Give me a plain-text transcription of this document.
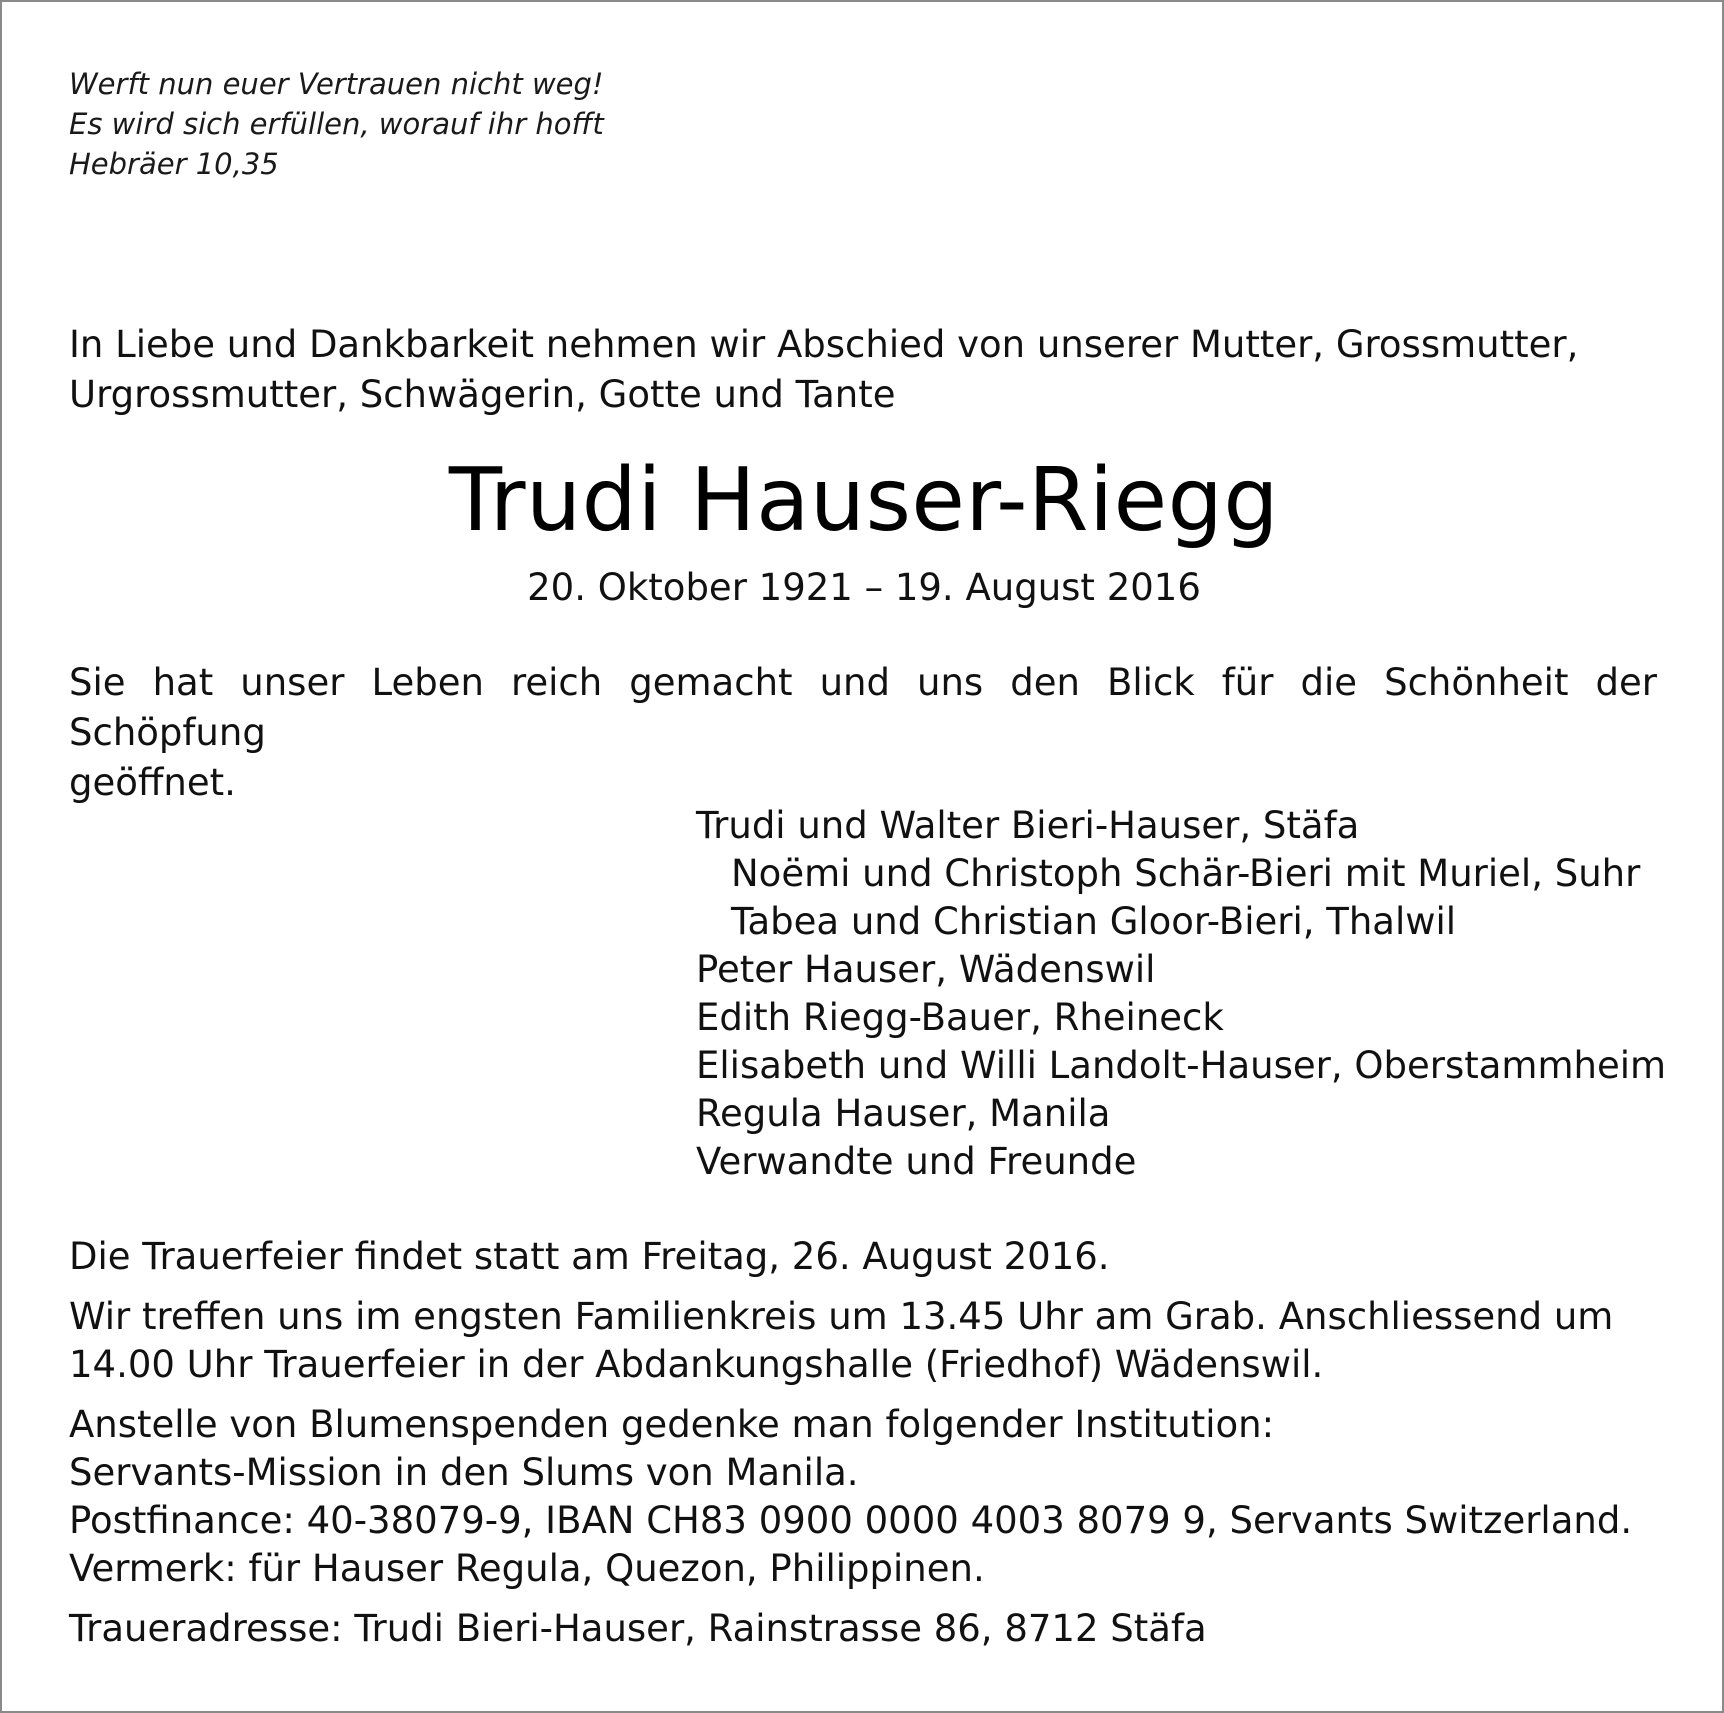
Werft nun euer Vertrauen nicht weg!
Es wird sich erfüllen, worauf ihr hofft
Hebräer 10,35
In Liebe und Dankbarkeit nehmen wir Abschied von unserer Mutter, Grossmutter,
Urgrossmutter, Schwägerin, Gotte und Tante
Trudi Hauser-Riegg
20. Oktober 1921 – 19. August 2016
Sie hat unser Leben reich gemacht und uns den Blick für die Schönheit der Schöpfung
geöffnet.
Trudi und Walter Bieri-Hauser, Stäfa
Noëmi und Christoph Schär-Bieri mit Muriel, Suhr
Tabea und Christian Gloor-Bieri, Thalwil
Peter Hauser, Wädenswil
Edith Riegg-Bauer, Rheineck
Elisabeth und Willi Landolt-Hauser, Oberstammheim
Regula Hauser, Manila
Verwandte und Freunde
Die Trauerfeier findet statt am Freitag, 26. August 2016.
Wir treffen uns im engsten Familienkreis um 13.45 Uhr am Grab. Anschliessend um
14.00 Uhr Trauerfeier in der Abdankungshalle (Friedhof) Wädenswil.
Anstelle von Blumenspenden gedenke man folgender Institution:
Servants-Mission in den Slums von Manila.
Postfinance: 40-38079-9, IBAN CH83 0900 0000 4003 8079 9, Servants Switzerland.
Vermerk: für Hauser Regula, Quezon, Philippinen.
Traueradresse: Trudi Bieri-Hauser, Rainstrasse 86, 8712 Stäfa
